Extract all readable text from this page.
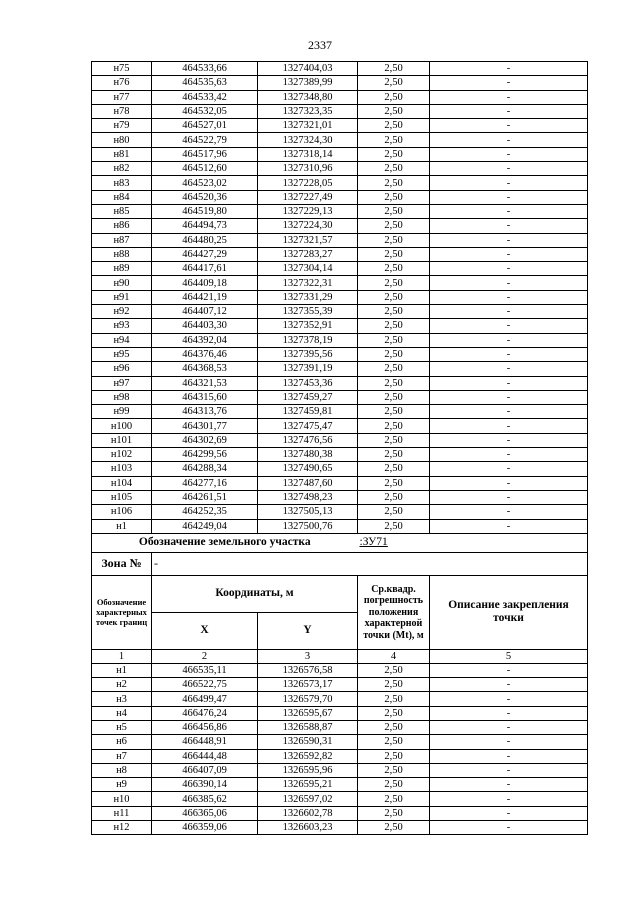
2337
н75	464533,66	1327404,03	2,50	-
н76	464535,63	1327389,99	2,50	-
н77	464533,42	1327348,80	2,50	-
н78	464532,05	1327323,35	2,50	-
н79	464527,01	1327321,01	2,50	-
н80	464522,79	1327324,30	2,50	-
н81	464517,96	1327318,14	2,50	-
н82	464512,60	1327310,96	2,50	-
н83	464523,02	1327228,05	2,50	-
н84	464520,36	1327227,49	2,50	-
н85	464519,80	1327229,13	2,50	-
н86	464494,73	1327224,30	2,50	-
н87	464480,25	1327321,57	2,50	-
н88	464427,29	1327283,27	2,50	-
н89	464417,61	1327304,14	2,50	-
н90	464409,18	1327322,31	2,50	-
н91	464421,19	1327331,29	2,50	-
н92	464407,12	1327355,39	2,50	-
н93	464403,30	1327352,91	2,50	-
н94	464392,04	1327378,19	2,50	-
н95	464376,46	1327395,56	2,50	-
н96	464368,53	1327391,19	2,50	-
н97	464321,53	1327453,36	2,50	-
н98	464315,60	1327459,27	2,50	-
н99	464313,76	1327459,81	2,50	-
н100	464301,77	1327475,47	2,50	-
н101	464302,69	1327476,56	2,50	-
н102	464299,56	1327480,38	2,50	-
н103	464288,34	1327490,65	2,50	-
н104	464277,16	1327487,60	2,50	-
н105	464261,51	1327498,23	2,50	-
н106	464252,35	1327505,13	2,50	-
н1	464249,04	1327500,76	2,50	-
Обозначение земельного участка			:ЗУ71	
Зона №	-			
Обозначение характерных точек границ	Координаты, м		Ср.квадр. погрешность положения характерной точки (Mt), м	Описание закрепления точки
	X	Y		
1	2	3	4	5
н1	466535,11	1326576,58	2,50	-
н2	466522,75	1326573,17	2,50	-
н3	466499,47	1326579,70	2,50	-
н4	466476,24	1326595,67	2,50	-
н5	466456,86	1326588,87	2,50	-
н6	466448,91	1326590,31	2,50	-
н7	466444,48	1326592,82	2,50	-
н8	466407,09	1326595,96	2,50	-
н9	466390,14	1326595,21	2,50	-
н10	466385,62	1326597,02	2,50	-
н11	466365,06	1326602,78	2,50	-
н12	466359,06	1326603,23	2,50	-
